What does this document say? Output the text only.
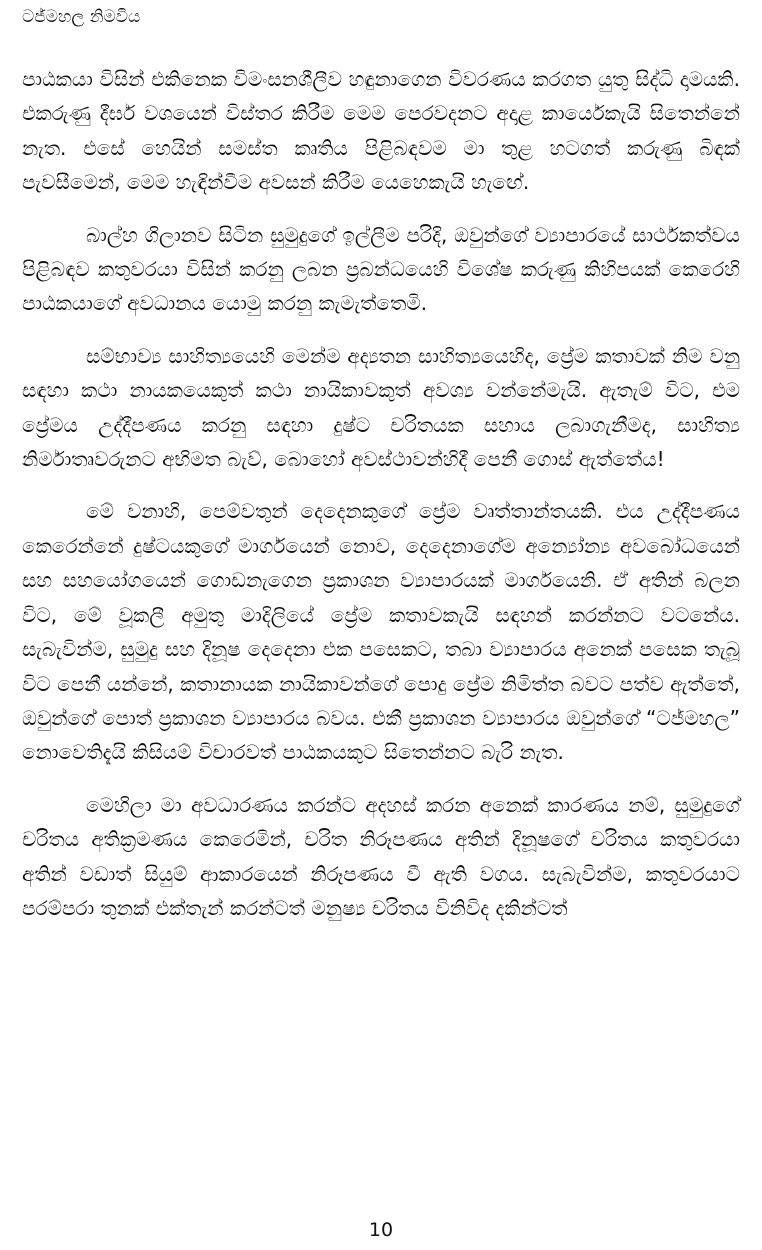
ටජ්මහල නිමවිය

පාඨකයා විසින් එකිනෙක විමංසනශීලීව හඳුනාගෙන විවරණය කරගත යුතු සිද්ධි දාමයකි. එකරුණු දීර්ඝ වශයෙන් විස්තර කිරීම මෙම පෙරවදනට අදාළ කාර්යෙකැයි සිතෙන්නේ නැත. එසේ හෙයින් සමස්ත කෘතිය පිළිබඳවම මා තුළ හටගත් කරුණු බිඳක් පැවසීමෙන්, මෙම හැඳින්වීම අවසන් කිරීම යෙහෙකැයි හැඟේ.

බාල්හ ගිලානව සිටින සුමුදුගේ ඉල්ලීම පරිදි, ඔවුන්ගේ ව්‍යාපාරයේ සාර්ථකත්වය පිළිබඳව කතුවරයා විසින් කරනු ලබන ප්‍රබන්ධයෙහි විශේෂ කරුණු කිහිපයක් කෙරෙහි පාඨකයාගේ අවධානය යොමු කරනු කැමැත්තෙමි.

සම්භාව්‍ය සාහිත්‍යයෙහි මෙන්ම අද්‍යතන සාහිත්‍යයෙහිද, ප්‍රේම කතාවක් නිම වනු සඳහා කථා නායකයෙකුත් කථා නායිකාවකුත් අවශ්‍ය වන්නේමැයි. ඇතැම් විට, එම ප්‍රේමය උද්දීපණය කරනු සඳහා දුෂ්ට චරිතයක සහාය ලබාගැනීමද, සාහිත්‍ය නිර්මාතෘවරුනට අභිමත බැව්, බොහෝ අවස්ථාවන්හිදී පෙනී ගොස් ඇත්තේය!

මේ වනාහි, පෙම්වතුන් දෙදෙනකුගේ ප්‍රේම වෘත්තාන්තයකි. එය උද්දීපණය කෙරෙන්නේ දුෂ්ටයකුගේ මාර්ගයෙන් නොව, දෙදෙනාගේම අන්‍යෝන්‍ය අවබෝධයෙන් සහ සහයෝගයෙන් ගොඩනැගෙන ප්‍රකාශන ව්‍යාපාරයක් මාර්ගයෙනි. ඒ අතින් බලන විට, මේ වූකලී අමුතු මාදිලියේ ප්‍රේම කතාවකැයි සඳහන් කරන්නට වටනේය. සැබැවින්ම, සුමුදු සහ දිනූෂ දෙදෙනා එක පසෙකට, තබා ව්‍යාපාරය අනෙක් පසෙක තැබූ විට පෙනී යන්නේ, කතානායක නායිකාවන්ගේ පොදු ප්‍රේම නිමිත්ත බවට පත්ව ඇත්තේ, ඔවුන්ගේ පොත් ප්‍රකාශන ව්‍යාපාරය බවය. එකී ප්‍රකාශන ව්‍යාපාරය ඔවුන්ගේ “ටජ්මහල” නොවෙතිදැයි කිසියම් විචාරවත් පාඨකයකුට සිතෙන්නට බැරි නැත.

මෙහිලා මා අවධාරණය කරන්ට අදහස් කරන අනෙක් කාරණය නම්, සුමුදුගේ චරිතය අතික්‍රමණය කෙරෙමින්, චරිත නිරූපණය අතින් දිනූෂගේ චරිතය කතුවරයා අතින් වඩාත් සියුම් ආකාරයෙන් නිරූපණය වී ඇති වගය. සැබැවින්ම, කතුවරයාට පරම්පරා තුනක් එක්තැන් කරන්ටත් මනුෂ්‍ය චරිතය විනිවිද දකින්ටත්

10
